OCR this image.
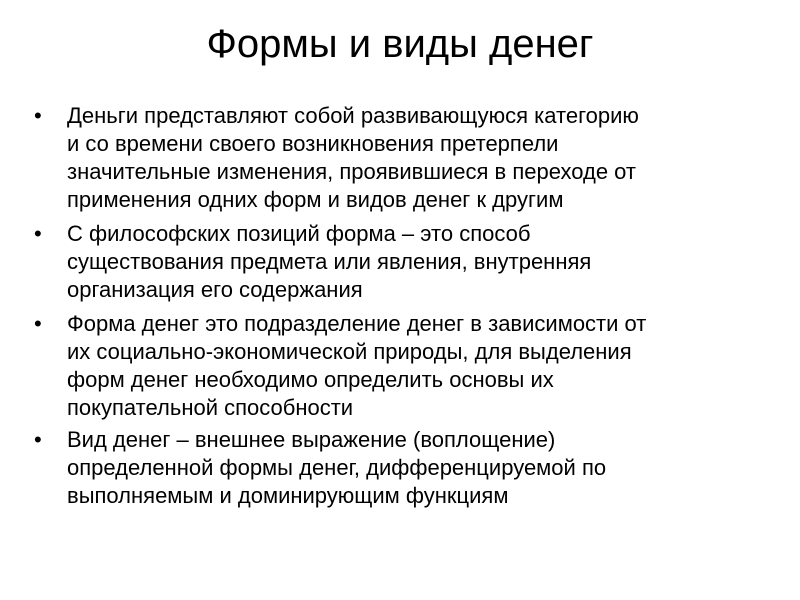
Формы и виды денег
•	Деньги представляют собой развивающуюся категорию
и со времени своего возникновения претерпели
значительные изменения, проявившиеся в переходе от
применения одних форм и видов денег к другим
•	С философских позиций форма – это способ
существования предмета или явления, внутренняя
организация его содержания
•	Форма денег это подразделение денег в зависимости от
их социально-экономической природы, для выделения
форм денег необходимо определить основы их
покупательной способности
•	Вид денег – внешнее выражение (воплощение)
определенной формы денег, дифференцируемой по
выполняемым и доминирующим функциям
